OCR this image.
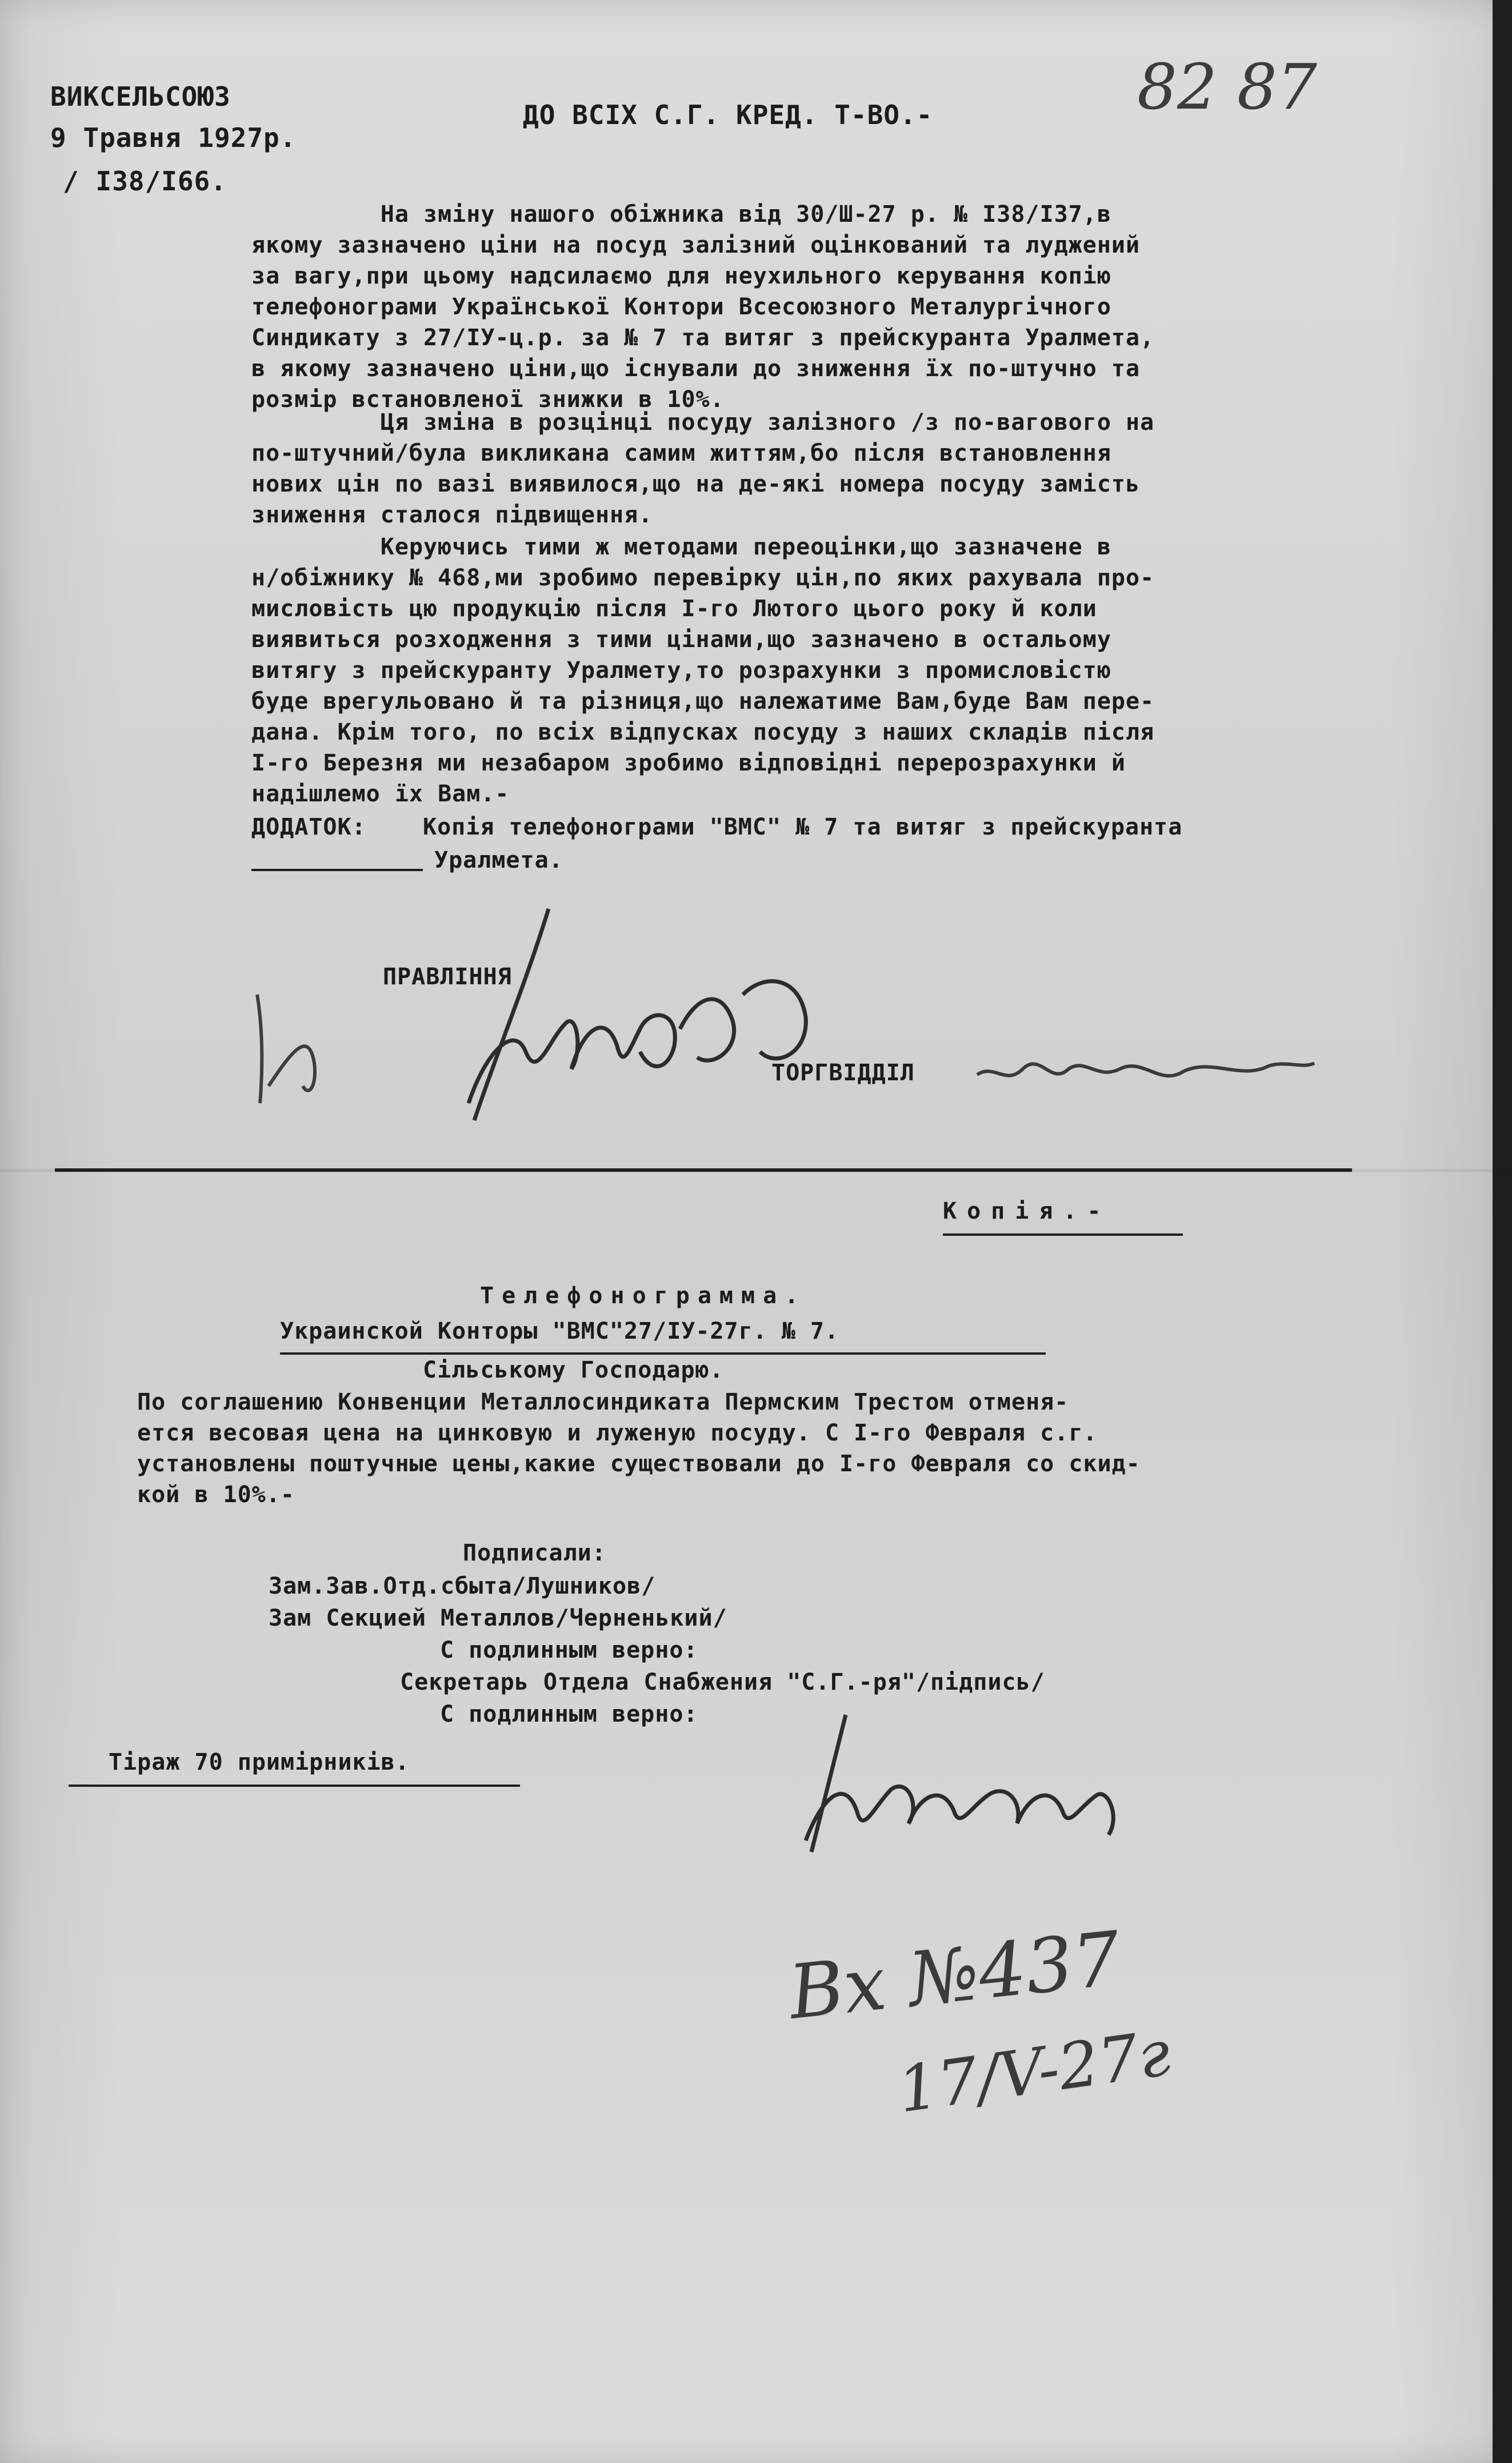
ВИКСЕЛЬСОЮЗ
9 Травня 1927р.
/ I38/I66.
ДО ВСІХ С.Г. КРЕД. Т-ВО.-	82 87
На зміну нашого обіжника від 30/Ш-27 р. № I38/I37,в
якому зазначено ціни на посуд залізний оцінкований та луджений
за вагу,при цьому надсилаємо для неухильного керування копію
телефонограми Української Контори Всесоюзного Металургічного
Синдикату з 27/ІУ-ц.р. за № 7 та витяг з прейскуранта Уралмета,
в якому зазначено ціни,що існували до зниження їх по-штучно та
розмір встановленої знижки в 10%.
Ця зміна в розцінці посуду залізного /з по-вагового на
по-штучний/була викликана самим життям,бо після встановлення
нових цін по вазі виявилося,що на де-які номера посуду замість
зниження сталося підвищення.
Керуючись тими ж методами переоцінки,що зазначене в
н/обіжнику № 468,ми зробимо перевірку цін,по яких рахувала про-
мисловість цю продукцію після I-го Лютого цього року й коли
виявиться розходження з тими цінами,що зазначено в остальому
витягу з прейскуранту Уралмету,то розрахунки з промисловістю
буде врегульовано й та різниця,що належатиме Вам,буде Вам пере-
дана. Крім того, по всіх відпусках посуду з наших складів після
I-го Березня ми незабаром зробимо відповідні перерозрахунки й
надішлемо їх Вам.-
ДОДАТОК: Копія телефонограми "ВМС" № 7 та витяг з прейскуранта
Уралмета.
ПРАВЛІННЯ
ТОРГВІДДІЛ
Копія.-
Телефонограмма.
Украинской Конторы "ВМС"27/ІУ-27г. № 7.
Сільському Господарю.
По соглашению Конвенции Металлосиндиката Пермским Трестом отменя-
ется весовая цена на цинковую и луженую посуду. С I-го Февраля с.г.
установлены поштучные цены,какие существовали до I-го Февраля со скид-
кой в 10%.-
Подписали:
Зам.Зав.Отд.сбыта/Лушников/
Зам Секцией Металлов/Черненький/
С подлинным верно:
Секретарь Отдела Снабжения "С.Г.-ря"/підпись/
С подлинным верно:
Тіраж 70 примірників.
Вх №437
17/V-27г
